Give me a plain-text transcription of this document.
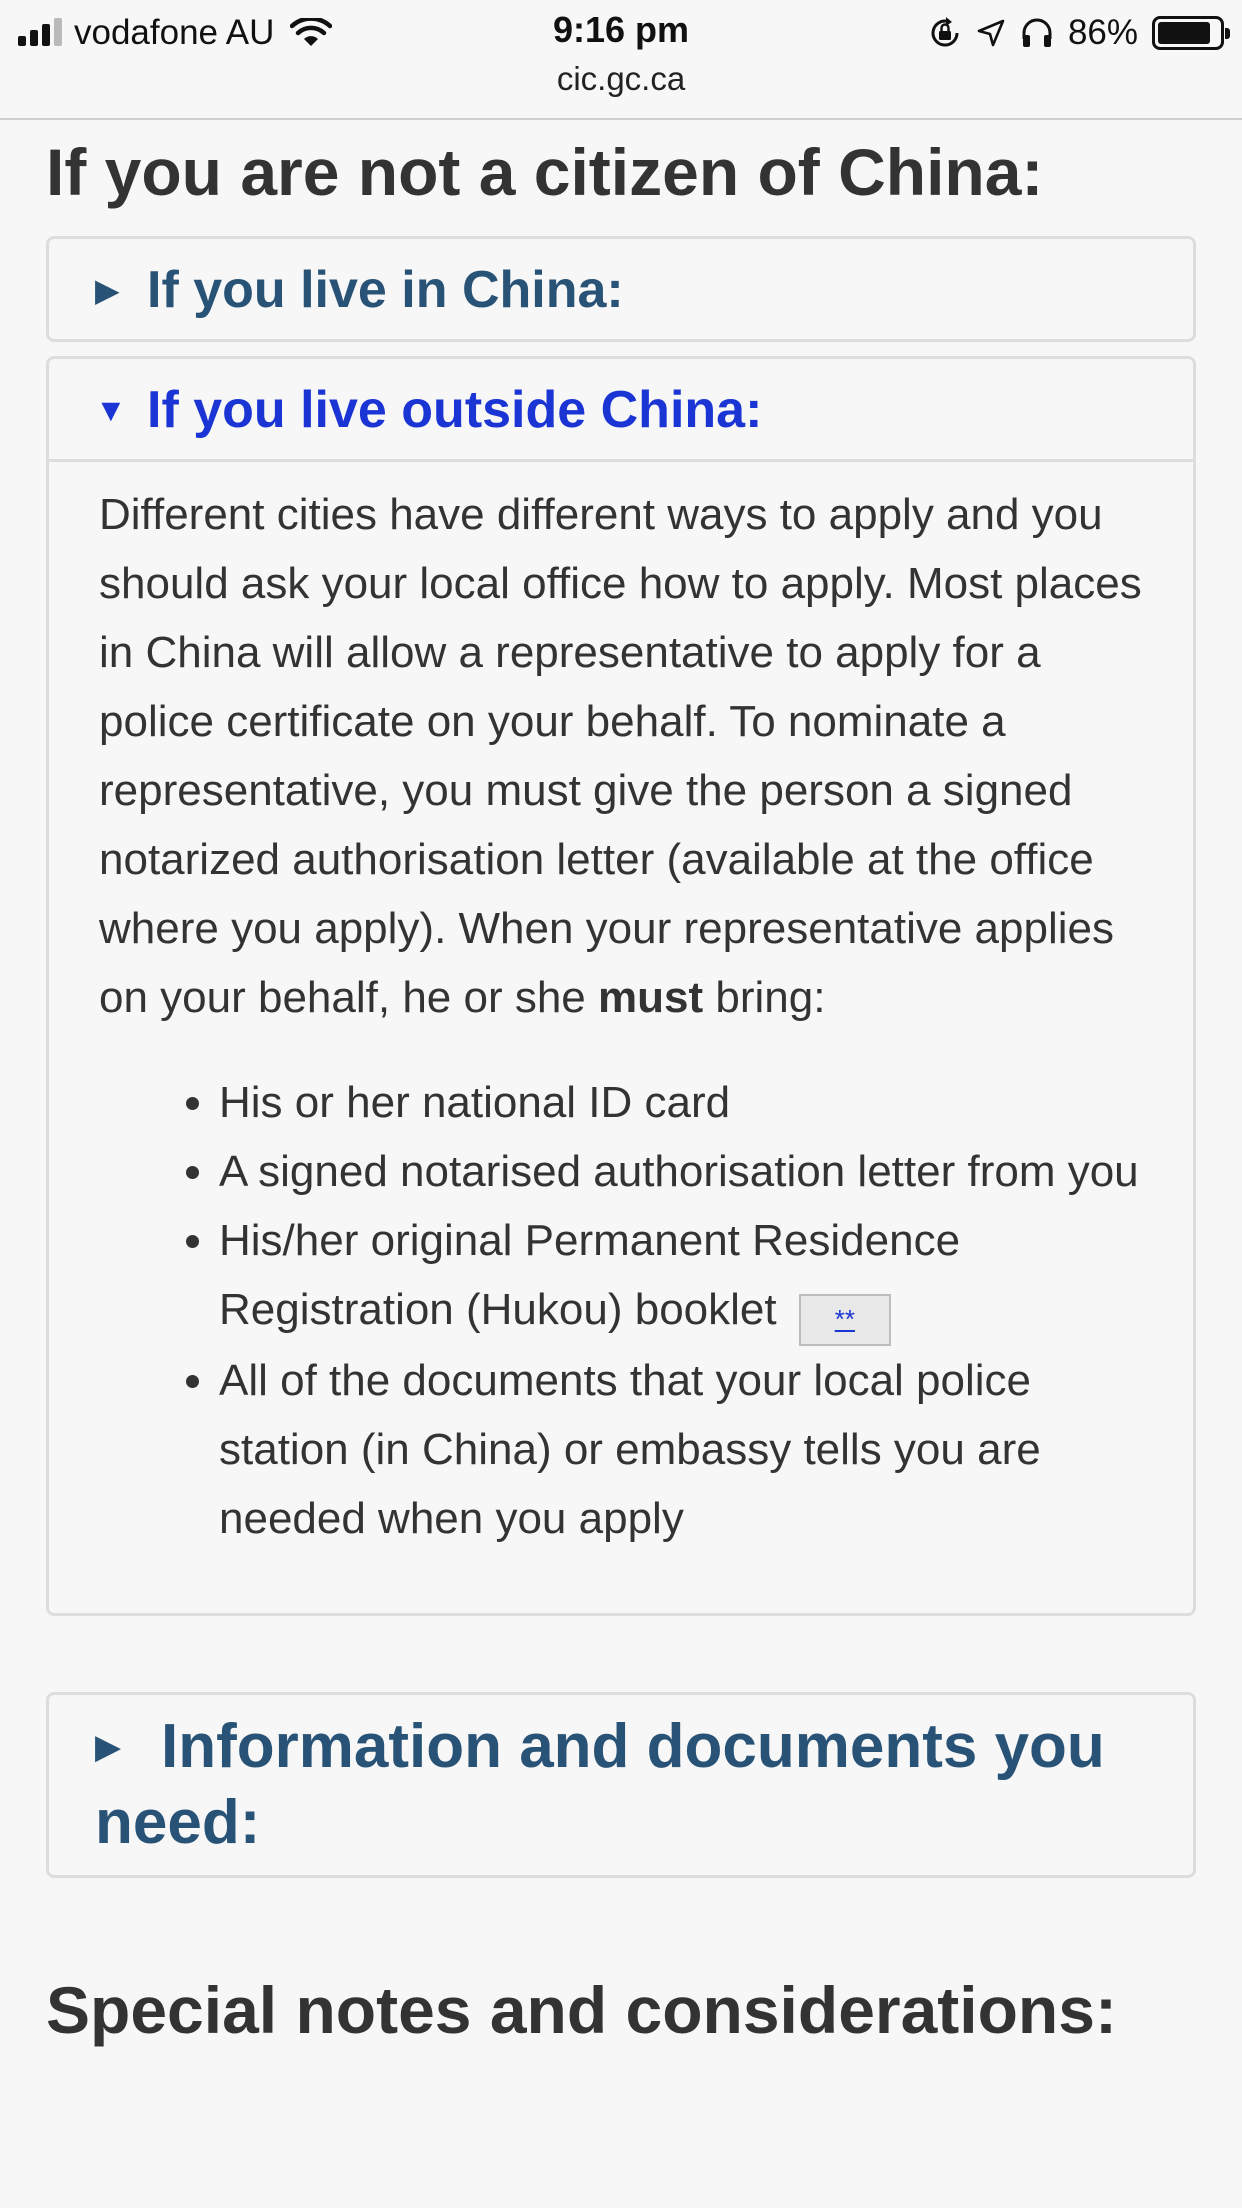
vodafone AU	9:16 pm
cic.gc.ca
86%
If you are not a citizen of China:
▶ If you live in China:
▼ If you live outside China:

Different cities have different ways to apply and you should ask your local office how to apply. Most places in China will allow a representative to apply for a police certificate on your behalf. To nominate a representative, you must give the person a signed notarized authorisation letter (available at the office where you apply). When your representative applies on your behalf, he or she must bring:

• His or her national ID card
• A signed notarised authorisation letter from you
• His/her original Permanent Residence Registration (Hukou) booklet **
• All of the documents that your local police station (in China) or embassy tells you are needed when you apply
▶ Information and documents you need:
Special notes and considerations:
